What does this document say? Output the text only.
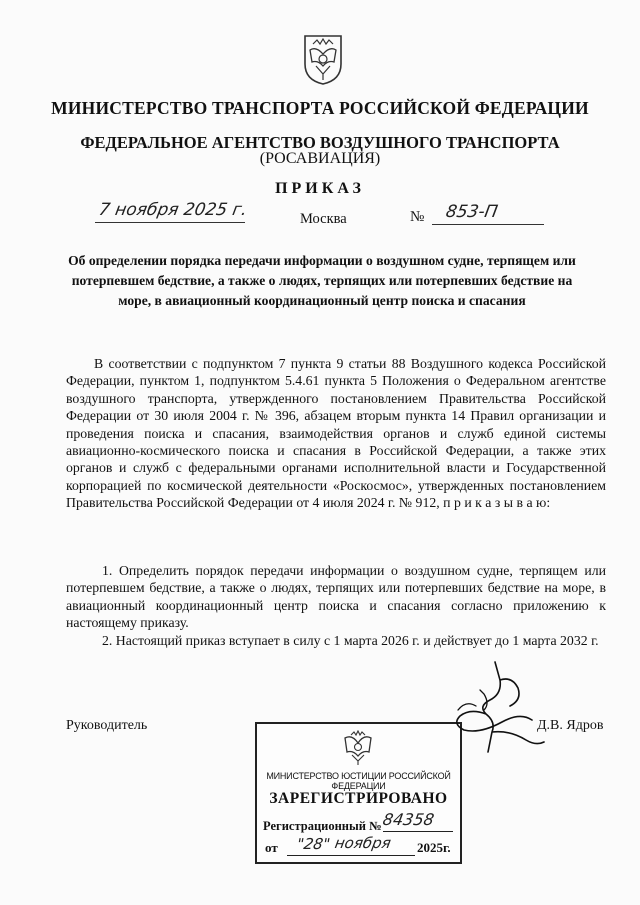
МИНИСТЕРСТВО ТРАНСПОРТА РОССИЙСКОЙ ФЕДЕРАЦИИ
ФЕДЕРАЛЬНОЕ АГЕНТСТВО ВОЗДУШНОГО ТРАНСПОРТА
(РОСАВИАЦИЯ)
ПРИКАЗ
7 ноября 2025 г.	Москва	№ 853-П
Об определении порядка передачи информации о воздушном судне, терпящем или потерпевшем бедствие, а также о людях, терпящих или потерпевших бедствие на море, в авиационный координационный центр поиска и спасания
В соответствии с подпунктом 7 пункта 9 статьи 88 Воздушного кодекса Российской Федерации, пунктом 1, подпунктом 5.4.61 пункта 5 Положения о Федеральном агентстве воздушного транспорта, утвержденного постановлением Правительства Российской Федерации от 30 июля 2004 г. № 396, абзацем вторым пункта 14 Правил организации и проведения поиска и спасания, взаимодействия органов и служб единой системы авиационно-космического поиска и спасания в Российской Федерации, а также этих органов и служб с федеральными органами исполнительной власти и Государственной корпорацией по космической деятельности «Роскосмос», утвержденных постановлением Правительства Российской Федерации от 4 июля 2024 г. № 912, п р и к а з ы в а ю:
1. Определить порядок передачи информации о воздушном судне, терпящем или потерпевшем бедствие, а также о людях, терпящих или потерпевших бедствие на море, в авиационный координационный центр поиска и спасания согласно приложению к настоящему приказу.
2. Настоящий приказ вступает в силу с 1 марта 2026 г. и действует до 1 марта 2032 г.
Руководитель	Д.В. Ядров
МИНИСТЕРСТВО ЮСТИЦИИ РОССИЙСКОЙ ФЕДЕРАЦИИ
ЗАРЕГИСТРИРОВАНО
Регистрационный № 84358
от "28" ноября 2025г.
